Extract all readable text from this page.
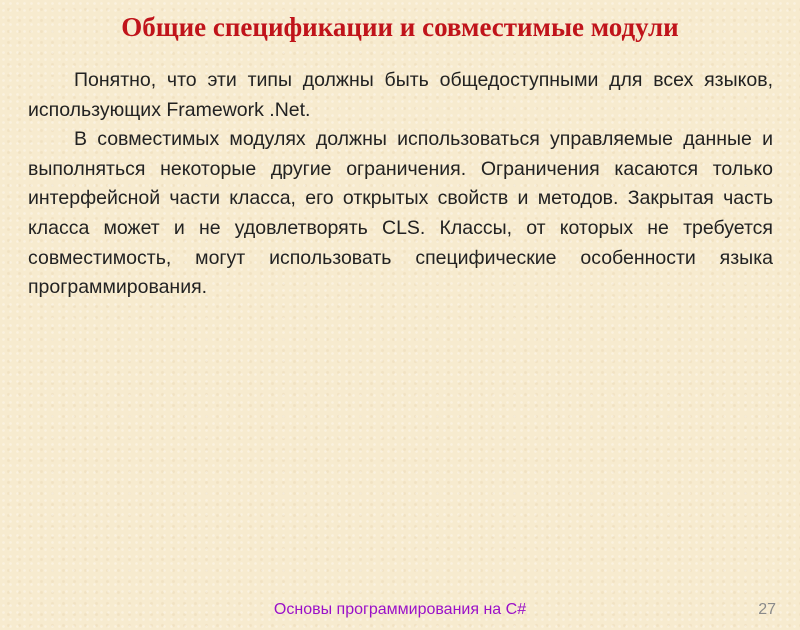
Общие спецификации и совместимые модули

Понятно, что эти типы должны быть общедоступными для всех языков, использующих Framework .Net.

В совместимых модулях должны использоваться управляемые данные и выполняться некоторые другие ограничения. Ограничения касаются только интерфейсной части класса, его открытых свойств и методов. Закрытая часть класса может и не удовлетворять CLS. Классы, от которых не требуется совместимость, могут использовать специфические особенности языка программирования.

Основы программирования на C#	27
